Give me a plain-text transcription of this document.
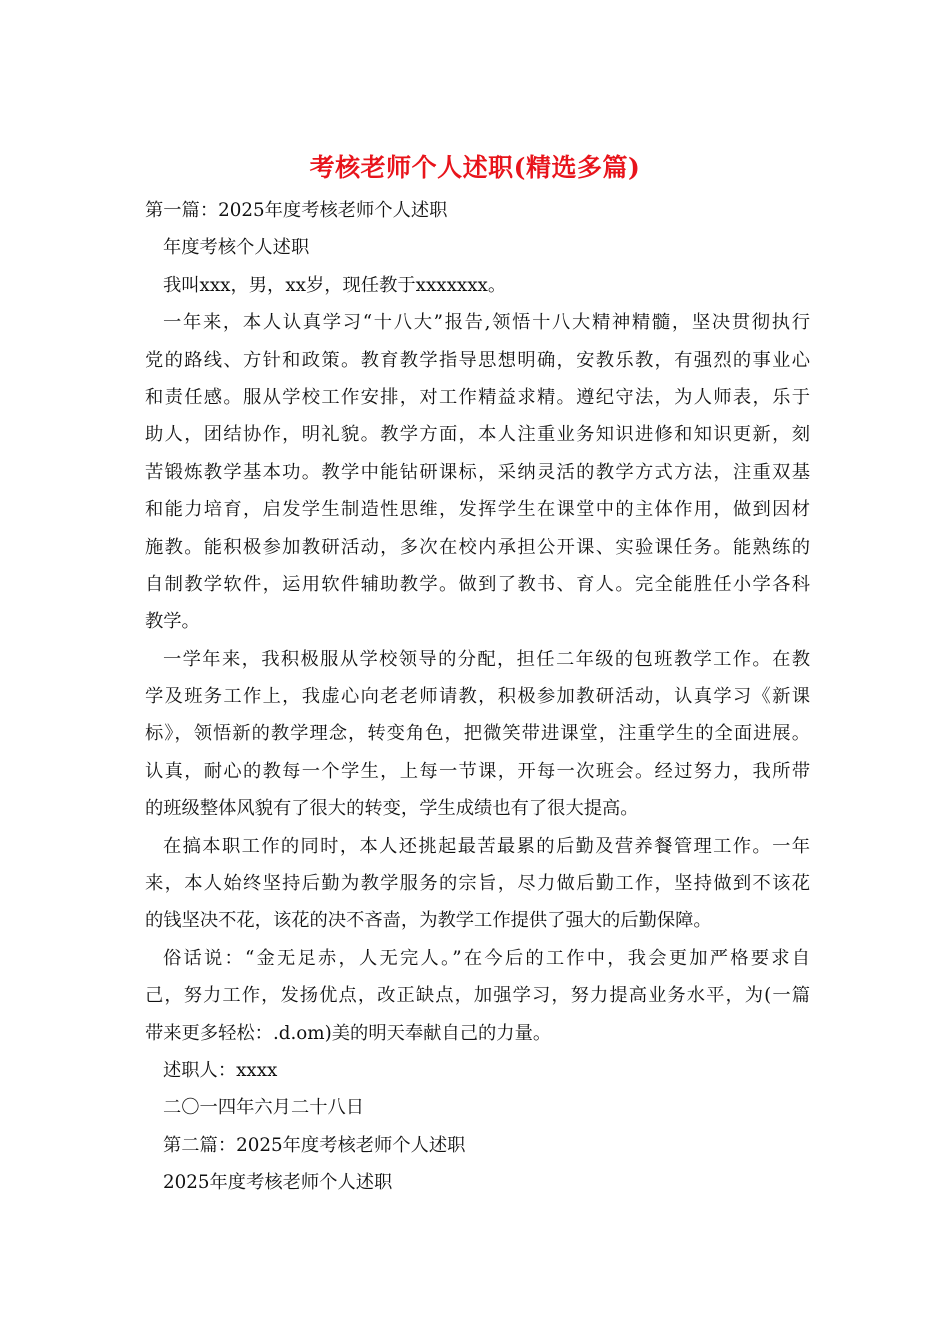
考核老师个人述职(精选多篇)
第一篇：2025年度考核老师个人述职
年度考核个人述职
我叫xxx，男，xx岁，现任教于xxxxxxx。
一年来，本人认真学习“十八大”报告,领悟十八大精神精髓，坚决贯彻执行
党的路线、方针和政策。教育教学指导思想明确，安教乐教，有强烈的事业心
和责任感。服从学校工作安排，对工作精益求精。遵纪守法，为人师表，乐于
助人，团结协作，明礼貌。教学方面，本人注重业务知识进修和知识更新，刻
苦锻炼教学基本功。教学中能钻研课标，采纳灵活的教学方式方法，注重双基
和能力培育，启发学生制造性思维，发挥学生在课堂中的主体作用，做到因材
施教。能积极参加教研活动，多次在校内承担公开课、实验课任务。能熟练的
自制教学软件，运用软件辅助教学。做到了教书、育人。完全能胜任小学各科
教学。
一学年来，我积极服从学校领导的分配，担任二年级的包班教学工作。在教
学及班务工作上，我虚心向老老师请教，积极参加教研活动，认真学习《新课
标》，领悟新的教学理念，转变角色，把微笑带进课堂，注重学生的全面进展。
认真，耐心的教每一个学生，上每一节课，开每一次班会。经过努力，我所带
的班级整体风貌有了很大的转变，学生成绩也有了很大提高。
在搞本职工作的同时，本人还挑起最苦最累的后勤及营养餐管理工作。一年
来，本人始终坚持后勤为教学服务的宗旨，尽力做后勤工作，坚持做到不该花
的钱坚决不花，该花的决不吝啬，为教学工作提供了强大的后勤保障。
俗话说：“金无足赤，人无完人。”在今后的工作中，我会更加严格要求自
己，努力工作，发扬优点，改正缺点，加强学习，努力提高业务水平，为(一篇
带来更多轻松：.d.om)美的明天奉献自己的力量。
述职人：xxxx
二〇一四年六月二十八日
第二篇：2025年度考核老师个人述职
2025年度考核老师个人述职
